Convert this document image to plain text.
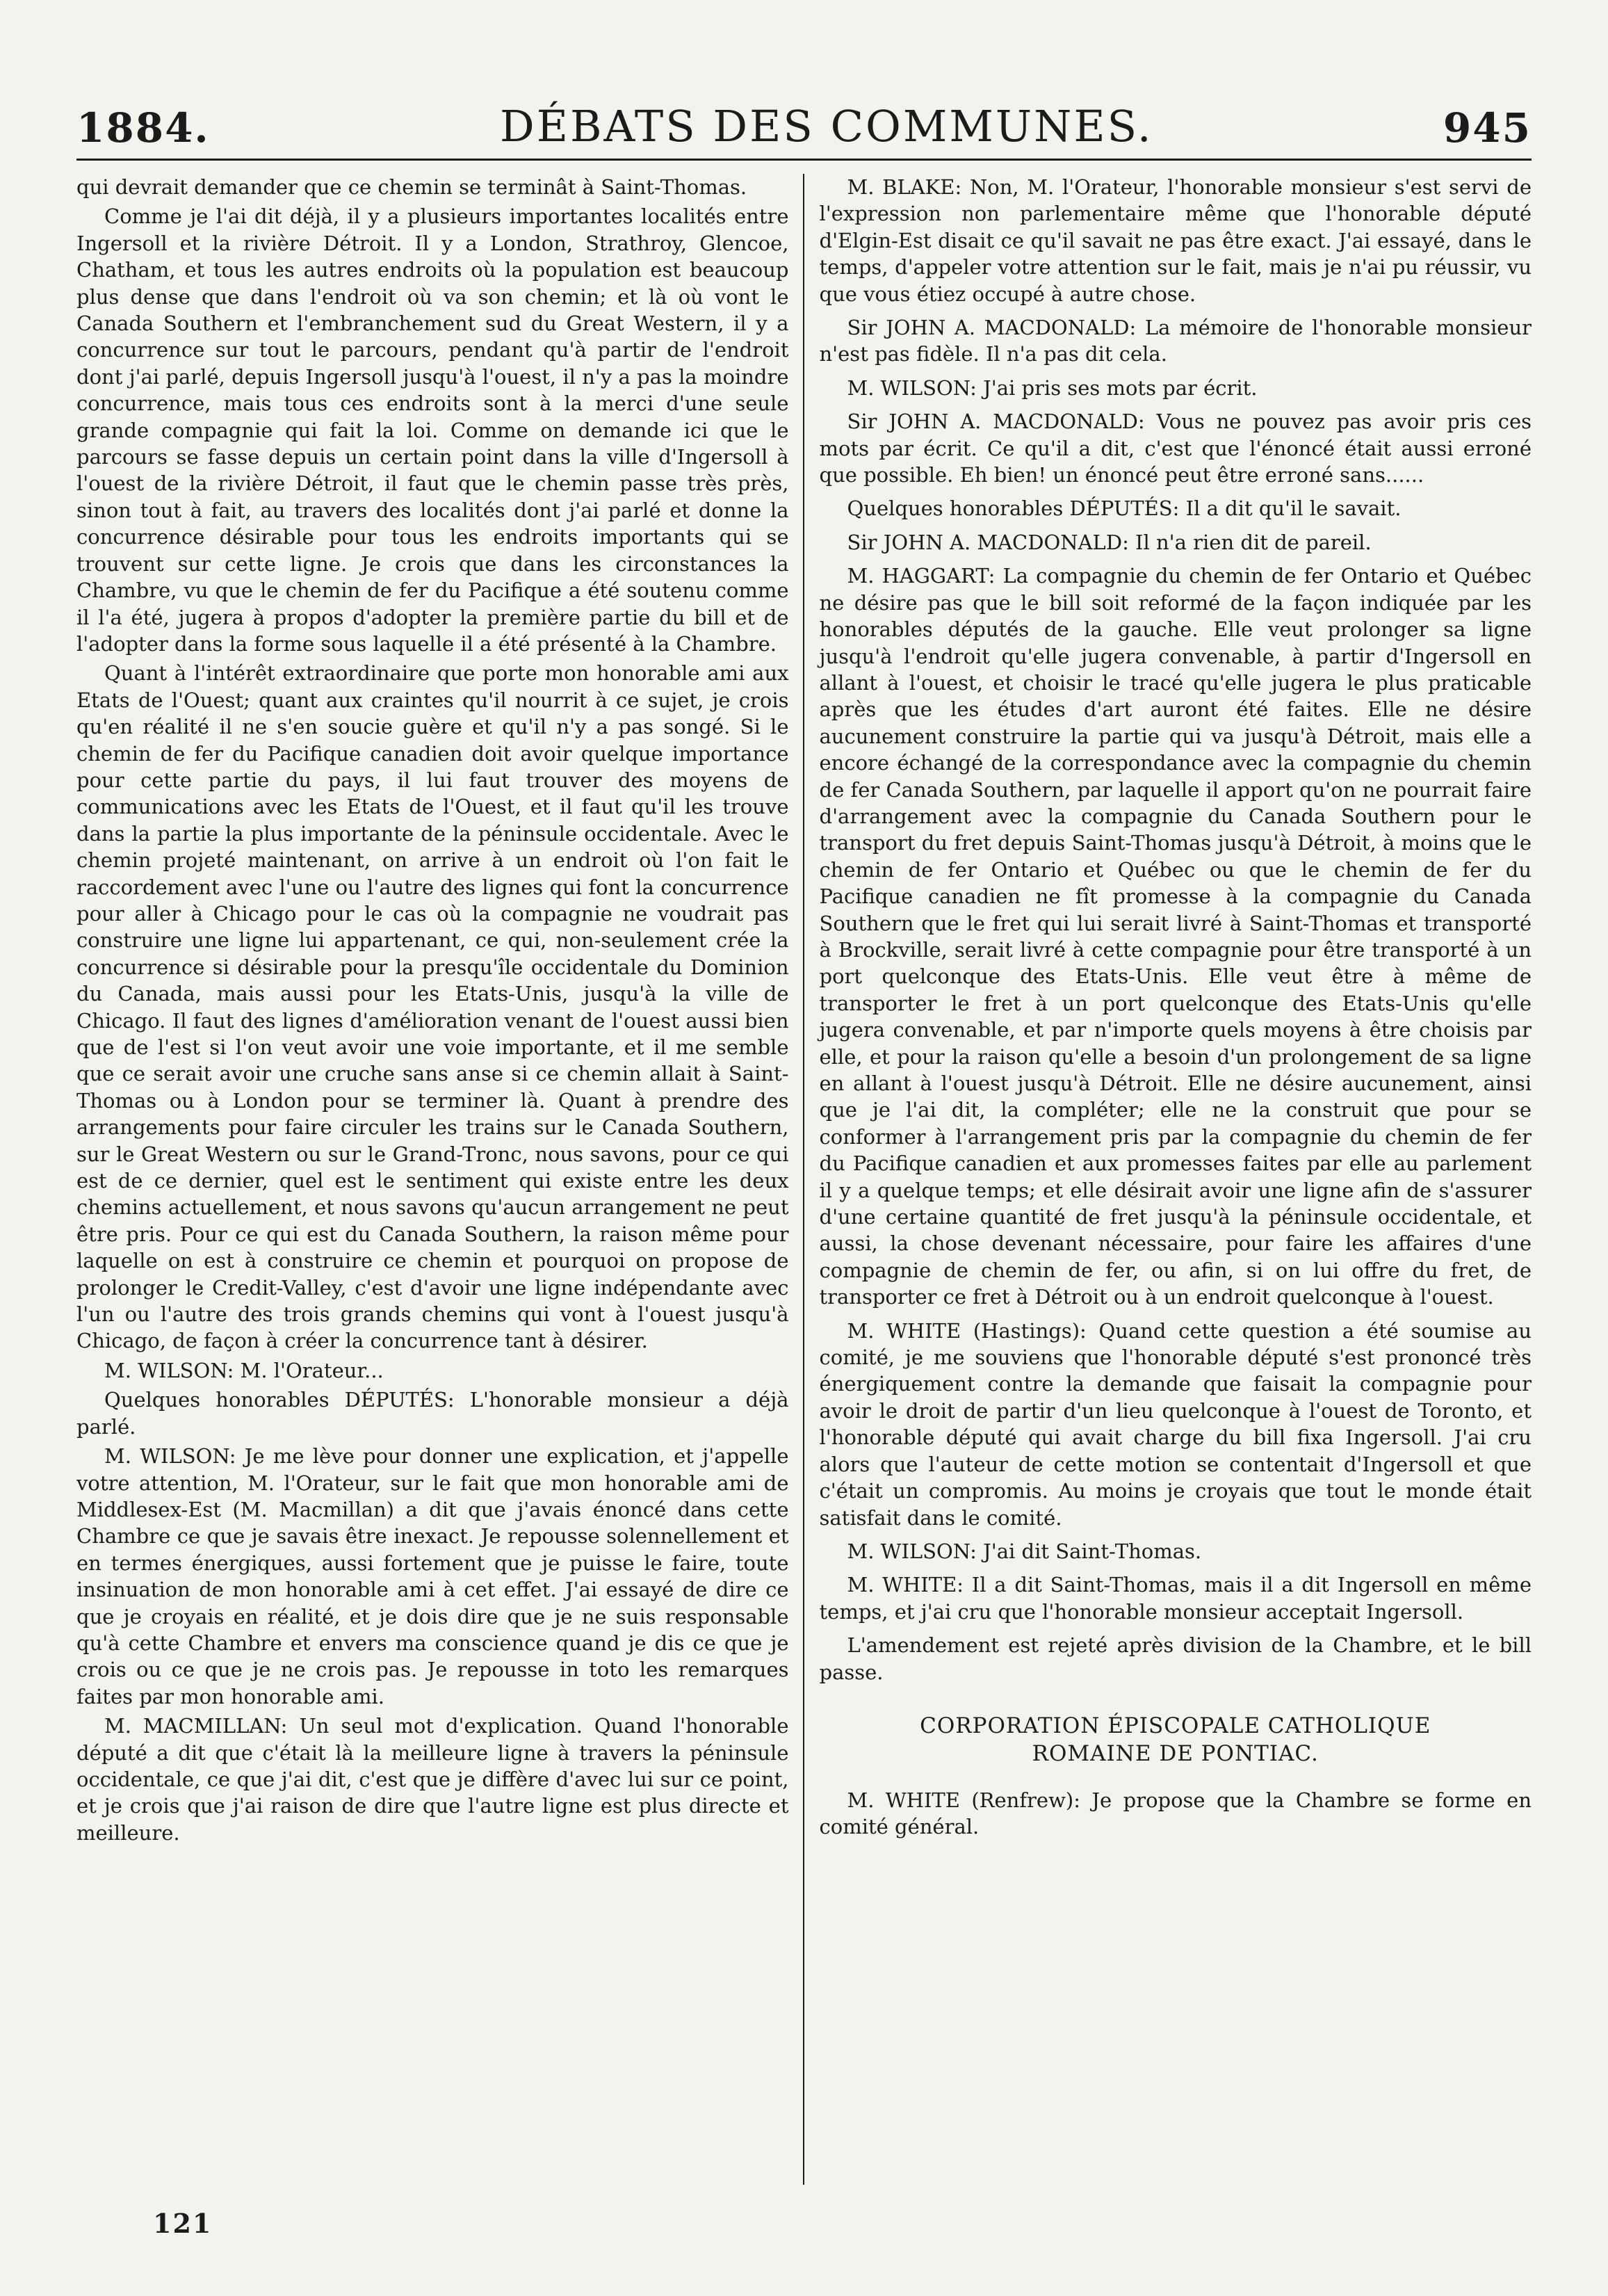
1884.	DÉBATS DES COMMUNES.	945

qui devrait demander que ce chemin se terminât à Saint-Thomas.

Comme je l'ai dit déjà, il y a plusieurs importantes localités entre Ingersoll et la rivière Détroit. Il y a London, Strathroy, Glencoe, Chatham, et tous les autres endroits où la population est beaucoup plus dense que dans l'endroit où va son chemin; et là où vont le Canada Southern et l'embranchement sud du Great Western, il y a concurrence sur tout le parcours, pendant qu'à partir de l'endroit dont j'ai parlé, depuis Ingersoll jusqu'à l'ouest, il n'y a pas la moindre concurrence, mais tous ces endroits sont à la merci d'une seule grande compagnie qui fait la loi. Comme on demande ici que le parcours se fasse depuis un certain point dans la ville d'Ingersoll à l'ouest de la rivière Détroit, il faut que le chemin passe très près, sinon tout à fait, au travers des localités dont j'ai parlé et donne la concurrence désirable pour tous les endroits importants qui se trouvent sur cette ligne. Je crois que dans les circonstances la Chambre, vu que le chemin de fer du Pacifique a été soutenu comme il l'a été, jugera à propos d'adopter la première partie du bill et de l'adopter dans la forme sous laquelle il a été présenté à la Chambre.

Quant à l'intérêt extraordinaire que porte mon honorable ami aux Etats de l'Ouest; quant aux craintes qu'il nourrit à ce sujet, je crois qu'en réalité il ne s'en soucie guère et qu'il n'y a pas songé. Si le chemin de fer du Pacifique canadien doit avoir quelque importance pour cette partie du pays, il lui faut trouver des moyens de communications avec les Etats de l'Ouest, et il faut qu'il les trouve dans la partie la plus importante de la péninsule occidentale. Avec le chemin projeté maintenant, on arrive à un endroit où l'on fait le raccordement avec l'une ou l'autre des lignes qui font la concurrence pour aller à Chicago pour le cas où la compagnie ne voudrait pas construire une ligne lui appartenant, ce qui, non-seulement crée la concurrence si désirable pour la presqu'île occidentale du Dominion du Canada, mais aussi pour les Etats-Unis, jusqu'à la ville de Chicago. Il faut des lignes d'amélioration venant de l'ouest aussi bien que de l'est si l'on veut avoir une voie importante, et il me semble que ce serait avoir une cruche sans anse si ce chemin allait à Saint-Thomas ou à London pour se terminer là. Quant à prendre des arrangements pour faire circuler les trains sur le Canada Southern, sur le Great Western ou sur le Grand-Tronc, nous savons, pour ce qui est de ce dernier, quel est le sentiment qui existe entre les deux chemins actuellement, et nous savons qu'aucun arrangement ne peut être pris. Pour ce qui est du Canada Southern, la raison même pour laquelle on est à construire ce chemin et pourquoi on propose de prolonger le Credit-Valley, c'est d'avoir une ligne indépendante avec l'un ou l'autre des trois grands chemins qui vont à l'ouest jusqu'à Chicago, de façon à créer la concurrence tant à désirer.

M. WILSON: M. l'Orateur...

Quelques honorables DÉPUTÉS: L'honorable monsieur a déjà parlé.

M. WILSON: Je me lève pour donner une explication, et j'appelle votre attention, M. l'Orateur, sur le fait que mon honorable ami de Middlesex-Est (M. Macmillan) a dit que j'avais énoncé dans cette Chambre ce que je savais être inexact. Je repousse solennellement et en termes énergiques, aussi fortement que je puisse le faire, toute insinuation de mon honorable ami à cet effet. J'ai essayé de dire ce que je croyais en réalité, et je dois dire que je ne suis responsable qu'à cette Chambre et envers ma conscience quand je dis ce que je crois ou ce que je ne crois pas. Je repousse in toto les remarques faites par mon honorable ami.

M. MACMILLAN: Un seul mot d'explication. Quand l'honorable député a dit que c'était là la meilleure ligne à travers la péninsule occidentale, ce que j'ai dit, c'est que je diffère d'avec lui sur ce point, et je crois que j'ai raison de dire que l'autre ligne est plus directe et meilleure.

M. BLAKE: Non, M. l'Orateur, l'honorable monsieur s'est servi de l'expression non parlementaire même que l'honorable député d'Elgin-Est disait ce qu'il savait ne pas être exact. J'ai essayé, dans le temps, d'appeler votre attention sur le fait, mais je n'ai pu réussir, vu que vous étiez occupé à autre chose.

Sir JOHN A. MACDONALD: La mémoire de l'honorable monsieur n'est pas fidèle. Il n'a pas dit cela.

M. WILSON: J'ai pris ses mots par écrit.

Sir JOHN A. MACDONALD: Vous ne pouvez pas avoir pris ces mots par écrit. Ce qu'il a dit, c'est que l'énoncé était aussi erroné que possible. Eh bien! un énoncé peut être erroné sans......

Quelques honorables DÉPUTÉS: Il a dit qu'il le savait.

Sir JOHN A. MACDONALD: Il n'a rien dit de pareil.

M. HAGGART: La compagnie du chemin de fer Ontario et Québec ne désire pas que le bill soit reformé de la façon indiquée par les honorables députés de la gauche. Elle veut prolonger sa ligne jusqu'à l'endroit qu'elle jugera convenable, à partir d'Ingersoll en allant à l'ouest, et choisir le tracé qu'elle jugera le plus praticable après que les études d'art auront été faites. Elle ne désire aucunement construire la partie qui va jusqu'à Détroit, mais elle a encore échangé de la correspondance avec la compagnie du chemin de fer Canada Southern, par laquelle il apport qu'on ne pourrait faire d'arrangement avec la compagnie du Canada Southern pour le transport du fret depuis Saint-Thomas jusqu'à Détroit, à moins que le chemin de fer Ontario et Québec ou que le chemin de fer du Pacifique canadien ne fît promesse à la compagnie du Canada Southern que le fret qui lui serait livré à Saint-Thomas et transporté à Brockville, serait livré à cette compagnie pour être transporté à un port quelconque des Etats-Unis. Elle veut être à même de transporter le fret à un port quelconque des Etats-Unis qu'elle jugera convenable, et par n'importe quels moyens à être choisis par elle, et pour la raison qu'elle a besoin d'un prolongement de sa ligne en allant à l'ouest jusqu'à Détroit. Elle ne désire aucunement, ainsi que je l'ai dit, la compléter; elle ne la construit que pour se conformer à l'arrangement pris par la compagnie du chemin de fer du Pacifique canadien et aux promesses faites par elle au parlement il y a quelque temps; et elle désirait avoir une ligne afin de s'assurer d'une certaine quantité de fret jusqu'à la péninsule occidentale, et aussi, la chose devenant nécessaire, pour faire les affaires d'une compagnie de chemin de fer, ou afin, si on lui offre du fret, de transporter ce fret à Détroit ou à un endroit quelconque à l'ouest.

M. WHITE (Hastings): Quand cette question a été soumise au comité, je me souviens que l'honorable député s'est prononcé très énergiquement contre la demande que faisait la compagnie pour avoir le droit de partir d'un lieu quelconque à l'ouest de Toronto, et l'honorable député qui avait charge du bill fixa Ingersoll. J'ai cru alors que l'auteur de cette motion se contentait d'Ingersoll et que c'était un compromis. Au moins je croyais que tout le monde était satisfait dans le comité.

M. WILSON: J'ai dit Saint-Thomas.

M. WHITE: Il a dit Saint-Thomas, mais il a dit Ingersoll en même temps, et j'ai cru que l'honorable monsieur acceptait Ingersoll.

L'amendement est rejeté après division de la Chambre, et le bill passe.

CORPORATION ÉPISCOPALE CATHOLIQUE
ROMAINE DE PONTIAC.

M. WHITE (Renfrew): Je propose que la Chambre se forme en comité général.

121
